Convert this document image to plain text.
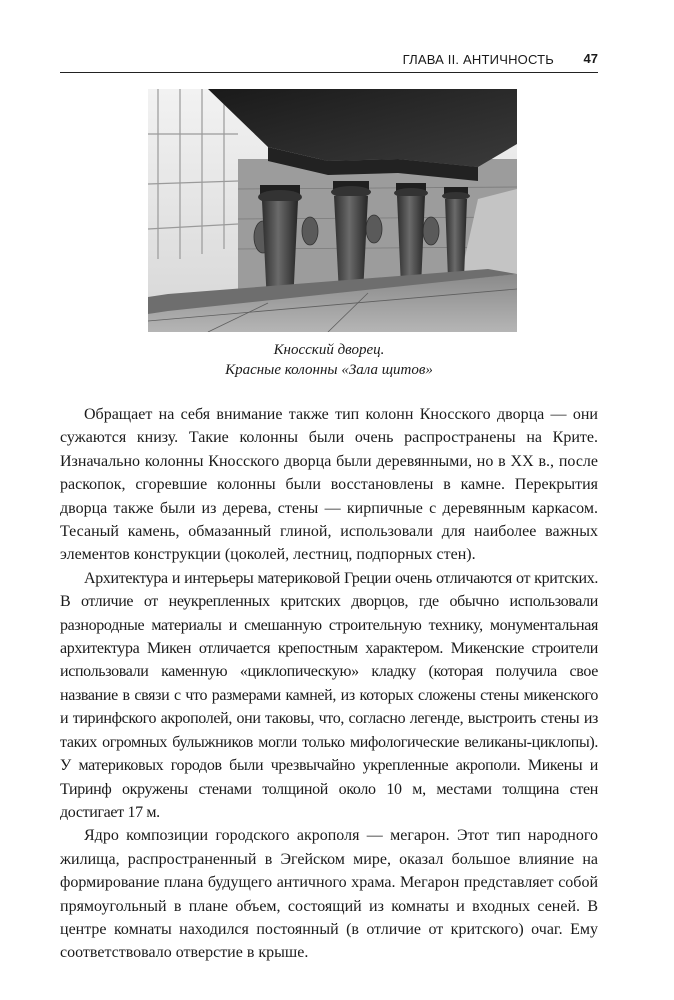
ГЛАВА II. АНТИЧНОСТЬ 47
Кносский дворец.
Красные колонны «Зала щитов»

Обращает на себя внимание также тип колонн Кносского дворца — они сужаются книзу. Такие колонны были очень распространены на Крите. Изначально колонны Кносского дворца были деревянными, но в XX в., после раскопок, сгоревшие колонны были восстановлены в камне. Перекрытия дворца также были из дерева, стены — кирпичные с деревянным каркасом. Тесаный камень, обмазанный глиной, использовали для наиболее важных элементов конструкции (цоколей, лестниц, подпорных стен).

Архитектура и интерьеры материковой Греции очень отличаются от критских. В отличие от неукрепленных критских дворцов, где обычно использовали разнородные материалы и смешанную строительную технику, монументальная архитектура Микен отличается крепостным характером. Микенские строители использовали каменную «циклопическую» кладку (которая получила свое название в связи с что размерами камней, из которых сложены стены микенского и тиринфского акрополей, они таковы, что, согласно легенде, выстроить стены из таких огромных булыжников могли только мифологические великаны-циклопы). У материковых городов были чрезвычайно укрепленные акрополи. Микены и Тиринф окружены стенами толщиной около 10 м, местами толщина стен достигает 17 м.

Ядро композиции городского акрополя — мегарон. Этот тип народного жилища, распространенный в Эгейском мире, оказал большое влияние на формирование плана будущего античного храма. Мегарон представляет собой прямоугольный в плане объем, состоящий из комнаты и входных сеней. В центре комнаты находился постоянный (в отличие от критского) очаг. Ему соответствовало отверстие в крыше.
